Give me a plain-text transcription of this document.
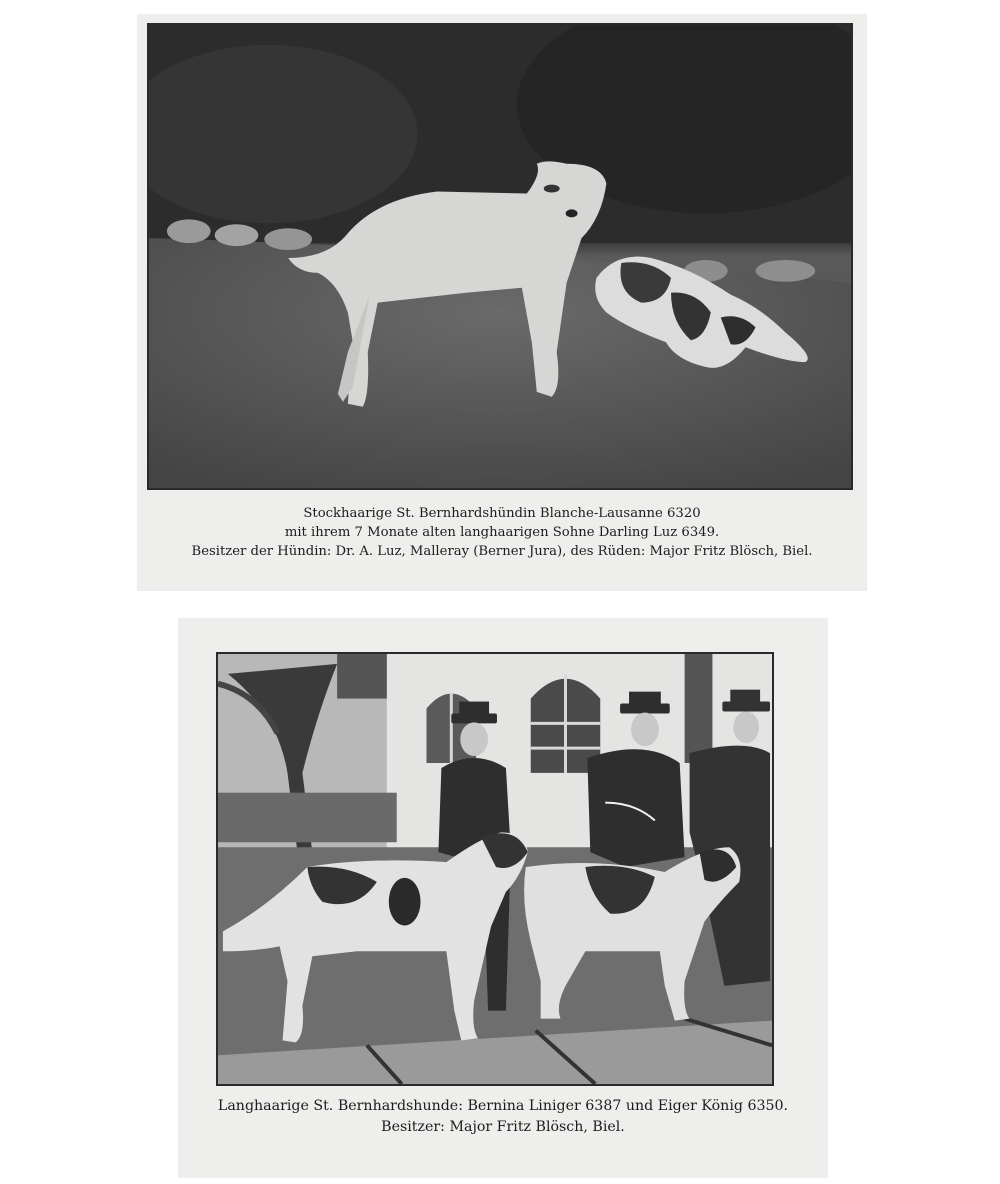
Stockhaarige St. Bernhardshündin Blanche-Lausanne 6320
mit ihrem 7 Monate alten langhaarigen Sohne Darling Luz 6349.
Besitzer der Hündin: Dr. A. Luz, Malleray (Berner Jura), des Rüden: Major Fritz Blösch, Biel.
Langhaarige St. Bernhardshunde: Bernina Liniger 6387 und Eiger König 6350.
Besitzer: Major Fritz Blösch, Biel.
